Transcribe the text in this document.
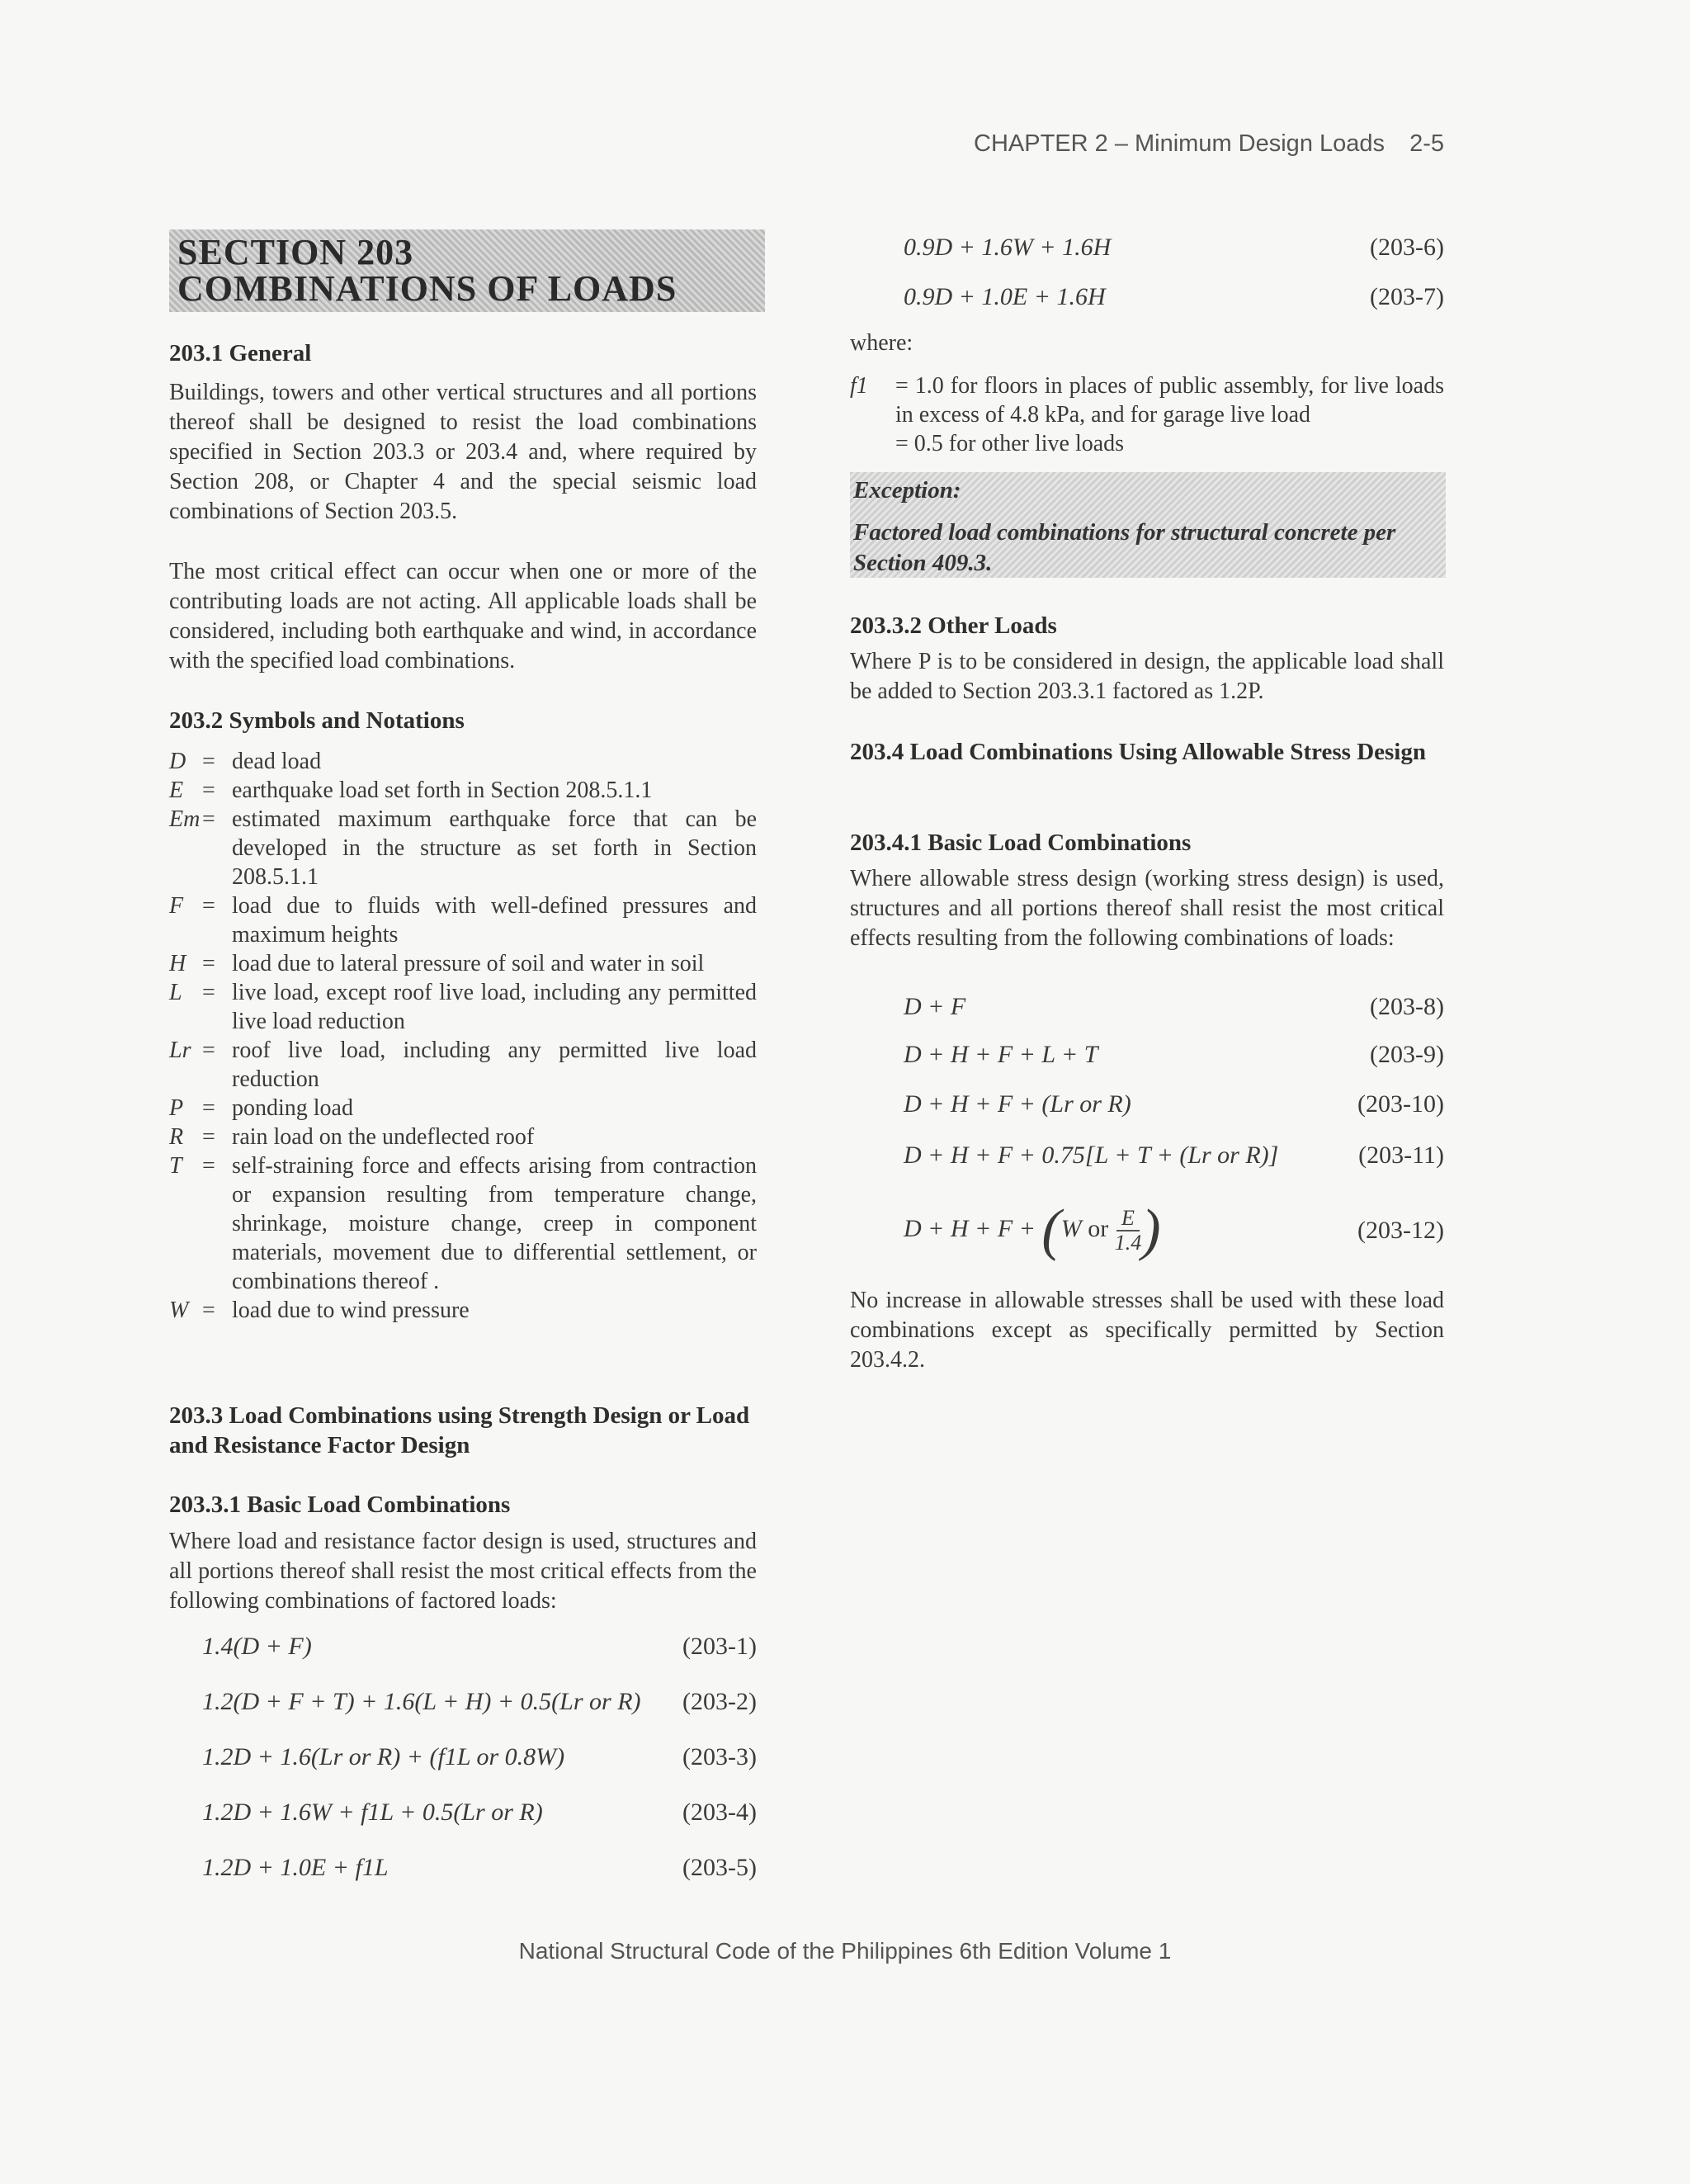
CHAPTER 2 – Minimum Design Loads 2-5
SECTION 203
COMBINATIONS OF LOADS
203.1 General

Buildings, towers and other vertical structures and all portions thereof shall be designed to resist the load combinations specified in Section 203.3 or 203.4 and, where required by Section 208, or Chapter 4 and the special seismic load combinations of Section 203.5.

The most critical effect can occur when one or more of the contributing loads are not acting. All applicable loads shall be considered, including both earthquake and wind, in accordance with the specified load combinations.

203.2 Symbols and Notations
D = dead load
E = earthquake load set forth in Section 208.5.1.1
Em = estimated maximum earthquake force that can be developed in the structure as set forth in Section 208.5.1.1
F = load due to fluids with well-defined pressures and maximum heights
H = load due to lateral pressure of soil and water in soil
L = live load, except roof live load, including any permitted live load reduction
Lr = roof live load, including any permitted live load reduction
P = ponding load
R = rain load on the undeflected roof
T = self-straining force and effects arising from contraction or expansion resulting from temperature change, shrinkage, moisture change, creep in component materials, movement due to differential settlement, or combinations thereof .
W = load due to wind pressure
203.3 Load Combinations using Strength Design or Load and Resistance Factor Design
203.3.1 Basic Load Combinations

Where load and resistance factor design is used, structures and all portions thereof shall resist the most critical effects from the following combinations of factored loads:

1.4(D + F)	(203-1)
1.2(D + F + T) + 1.6(L + H) + 0.5(Lr or R) (203-2)
1.2D + 1.6(Lr or R) + (f1L or 0.8W)	(203-3)
1.2D + 1.6W + f1L + 0.5(Lr or R)	(203-4)
1.2D + 1.0E + f1L	(203-5)
0.9D + 1.6W + 1.6H	(203-6)
0.9D + 1.0E + 1.6H	(203-7)

where:

f1	= 1.0 for floors in places of public assembly, for live loads in excess of 4.8 kPa, and for garage live load
= 0.5 for other live loads
Exception:
Factored load combinations for structural concrete per Section 409.3.
203.3.2 Other Loads

Where P is to be considered in design, the applicable load shall be added to Section 203.3.1 factored as 1.2P.

203.4 Load Combinations Using Allowable Stress Design
203.4.1 Basic Load Combinations

Where allowable stress design (working stress design) is used, structures and all portions thereof shall resist the most critical effects resulting from the following combinations of loads:

D + F	(203-8)
D + H + F + L + T	(203-9)
D + H + F + (Lr or R)	(203-10)
D + H + F + 0.75[L + T + (Lr or R)]	(203-11)
D + H + F + (W or $\frac{E}{1.4}$ )	(203-12)

No increase in allowable stresses shall be used with these load combinations except as specifically permitted by Section 203.4.2.

National Structural Code of the Philippines 6th Edition Volume 1
